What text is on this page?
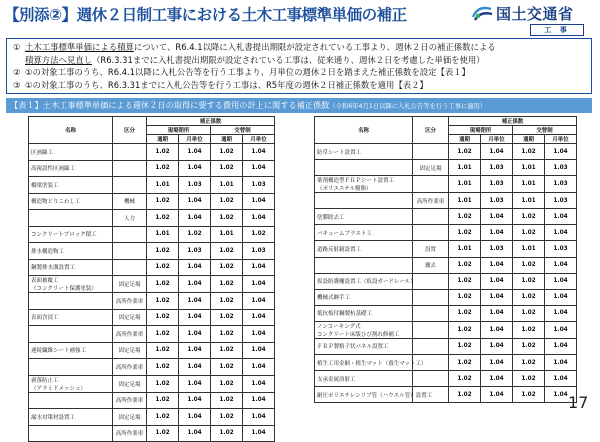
【別添②】週休２日制工事における土木工事標準単価の補正	国土交通省
工 事
① 土木工事標準単価による積算について、R6.4.1以降に入札書提出期限が設定されている工事より、週休２日の補正係数による
積算方法へ見直し（R6.3.31までに入札書提出期限が設定されている工事は、従来通り、週休２日を考慮した単価を使用）
② ①の対象工事のうち、R6.4.1以降に入札公告等を行う工事より、月単位の週休２日を踏まえた補正係数を設定【表１】
③ ①の対象工事のうち、R6.3.31までに入札公告等を行う工事は、R5年度の週休２日補正係数を適用【表２】
【表１】土木工事標準単価による週休２日の取得に要する費用の計上に関する補正係数（令和6年4月1日以降に入札公告等を行う工事に適用）
名称	区分	補正係数			
		現場閉所		交替制	
		通期	月単位	通期	月単位
区画線工		1.02	1.04	1.02	1.04
高視認性区画線工		1.02	1.04	1.02	1.04
橋梁塗装工		1.01	1.03	1.01	1.03
構造物とりこわし工	機械	1.02	1.04	1.02	1.04
	人力	1.02	1.04	1.02	1.04
コンクリートブロック積工		1.01	1.02	1.01	1.02
排水構造物工		1.02	1.03	1.02	1.03
鋼製排水溝設置工		1.02	1.04	1.02	1.04
表面被覆工
（コンクリート保護塗装）	固定足場	1.02	1.04	1.02	1.04
	高所作業車	1.02	1.04	1.02	1.04
表面含浸工	固定足場	1.02	1.04	1.02	1.04
	高所作業車	1.02	1.04	1.02	1.04
連続繊維シート補強工	固定足場	1.02	1.04	1.02	1.04
	高所作業車	1.02	1.04	1.02	1.04
剥落防止工
（アラミドメッシュ）	固定足場	1.02	1.04	1.02	1.04
	高所作業車	1.02	1.04	1.02	1.04
漏水対策材設置工	固定足場	1.02	1.04	1.02	1.04
	高所作業車	1.02	1.04	1.02	1.04
名称	区分	補正係数			
		現場閉所		交替制	
		通期	月単位	通期	月単位
防草シート設置工		1.02	1.04	1.02	1.04
	固定足場	1.01	1.03	1.01	1.03
薬剤構造型ＦＲＰシート設置工
（ポリエステル樹脂）		1.01	1.03	1.01	1.03
	高所作業車	1.01	1.03	1.01	1.03
塗膜除去工		1.02	1.04	1.02	1.04
バキュームブラスト工		1.02	1.04	1.02	1.04
道路反射鏡設置工	設置	1.01	1.03	1.01	1.03
	撤去	1.02	1.04	1.02	1.04
仮設防護柵設置工（仮設ガードレール）		1.02	1.04	1.02	1.04
機械式継手工		1.02	1.04	1.02	1.04
抵抗板付鋼製杭基礎工		1.02	1.04	1.02	1.04
ノンコーキング式
コンクリート床版ひび割れ修補工		1.02	1.04	1.02	1.04
ＦＲＰ製格子状パネル設置工		1.02	1.04	1.02	1.04
植生工用金網・植生マット（養生マット工）		1.02	1.04	1.02	1.04
支承金属溶射工		1.02	1.04	1.02	1.04
耐圧ポリエチレンリブ管（ハウエル管）設置工		1.02	1.04	1.02	1.04 17
